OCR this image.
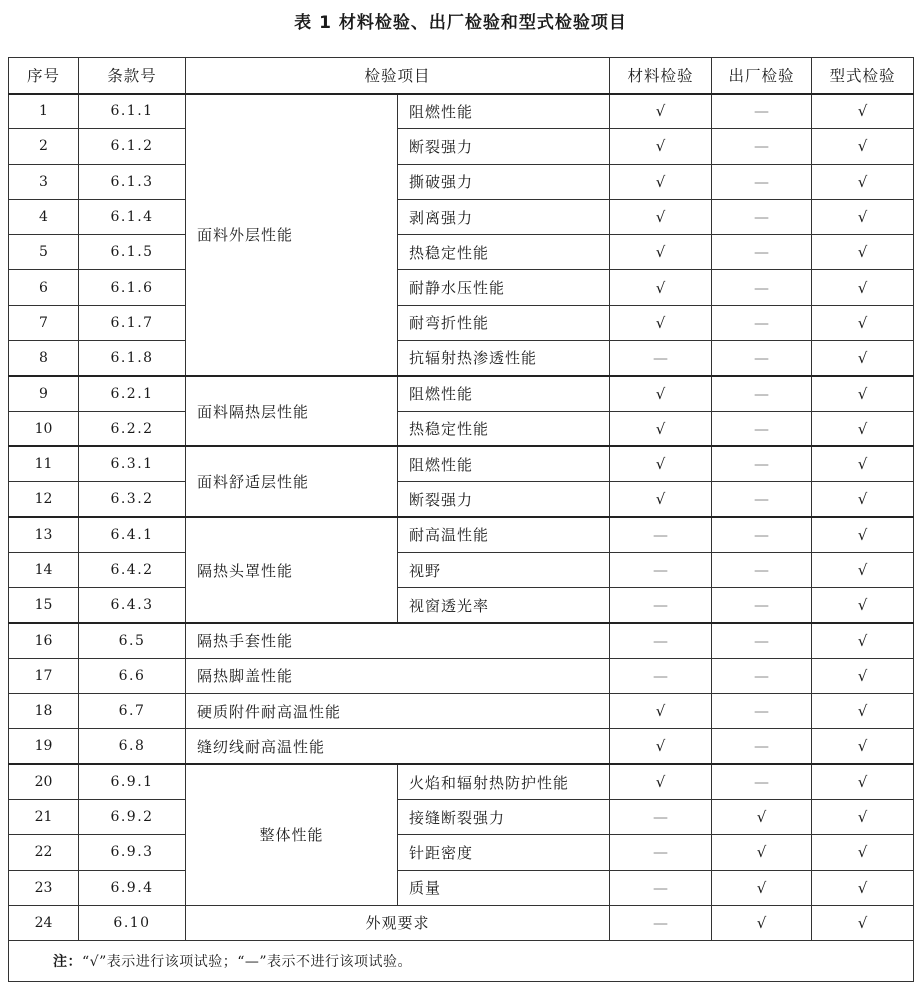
表 1 材料检验、出厂检验和型式检验项目
序号	条款号	检验项目		材料检验	出厂检验	型式检验
1	6.1.1	面料外层性能	阻燃性能	√	—	√
2	6.1.2		断裂强力	√	—	√
3	6.1.3		撕破强力	√	—	√
4	6.1.4		剥离强力	√	—	√
5	6.1.5		热稳定性能	√	—	√
6	6.1.6		耐静水压性能	√	—	√
7	6.1.7		耐弯折性能	√	—	√
8	6.1.8		抗辐射热渗透性能	—	—	√
9	6.2.1	面料隔热层性能	阻燃性能	√	—	√
10	6.2.2		热稳定性能	√	—	√
11	6.3.1	面料舒适层性能	阻燃性能	√	—	√
12	6.3.2		断裂强力	√	—	√
13	6.4.1	隔热头罩性能	耐高温性能	—	—	√
14	6.4.2		视野	—	—	√
15	6.4.3		视窗透光率	—	—	√
16	6.5	隔热手套性能		—	—	√
17	6.6	隔热脚盖性能		—	—	√
18	6.7	硬质附件耐高温性能		√	—	√
19	6.8	缝纫线耐高温性能		√	—	√
20	6.9.1	整体性能	火焰和辐射热防护性能	√	—	√
21	6.9.2		接缝断裂强力	—	√	√
22	6.9.3		针距密度	—	√	√
23	6.9.4		质量	—	√	√
24	6.10	外观要求		—	√	√
注：“√”表示进行该项试验；“—”表示不进行该项试验。						
